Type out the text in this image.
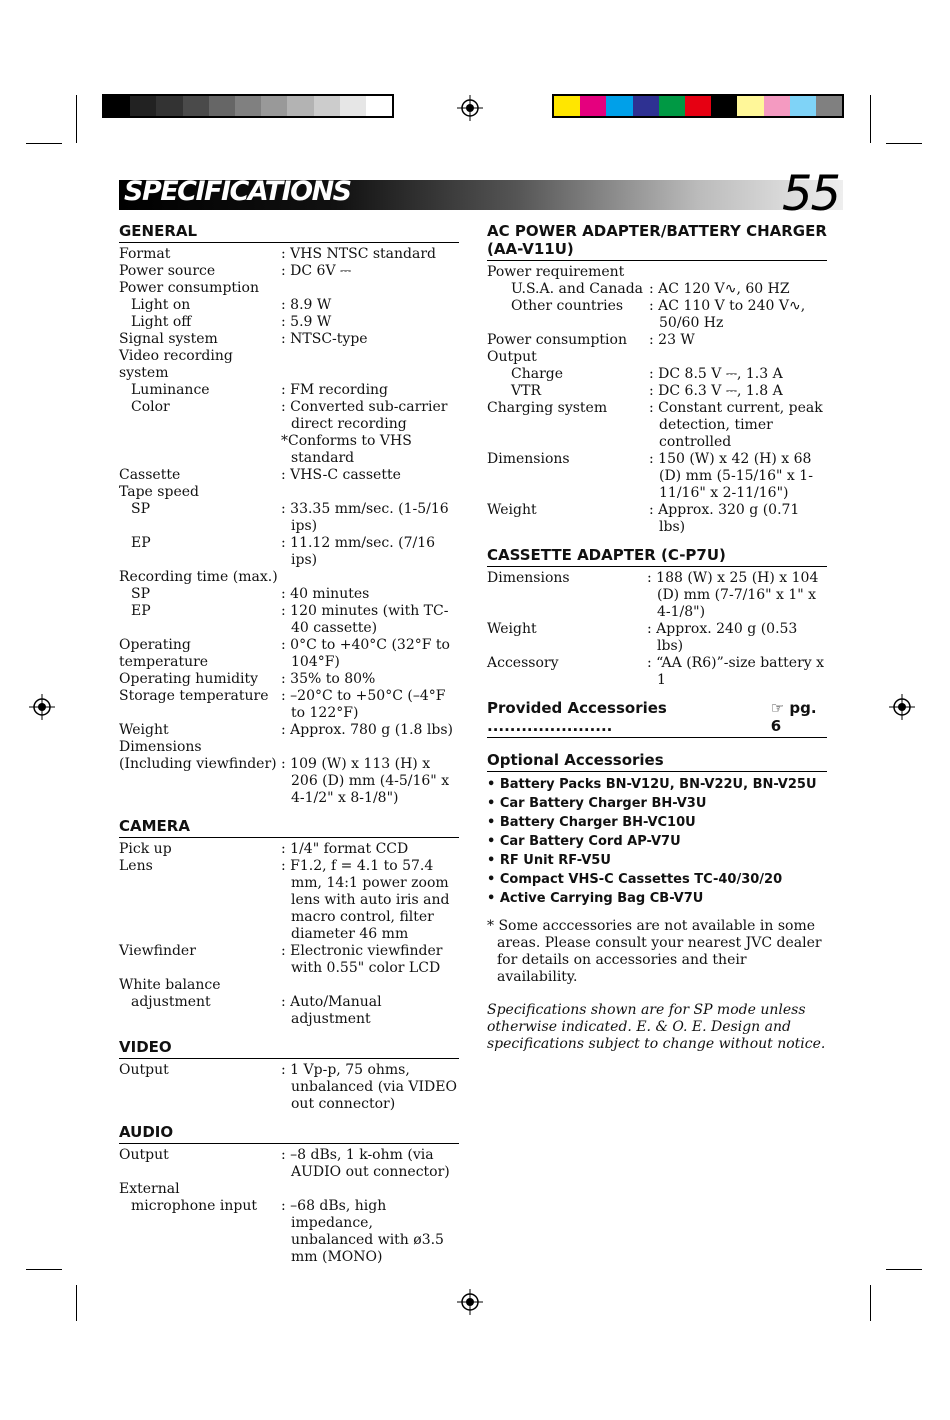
SPECIFICATIONS	55
GENERAL
Format	: VHS NTSC standard
Power source	: DC 6V ⎓
Power consumption
Light on	: 8.9 W
Light off	: 5.9 W
Signal system	: NTSC-type
Video recording system
Luminance	: FM recording
Color	: Converted sub-carrier direct recording
*Conforms to VHS standard
Cassette	: VHS-C cassette
Tape speed
SP	: 33.35 mm/sec. (1-5/16 ips)
EP	: 11.12 mm/sec. (7/16 ips)
Recording time (max.)
SP	: 40 minutes
EP	: 120 minutes (with TC-40 cassette)
Operating temperature
: 0°C to +40°C (32°F to 104°F)
Operating humidity	: 35% to 80%
Storage temperature : –20°C to +50°C (–4°F to 122°F)
Weight	: Approx. 780 g (1.8 lbs)
Dimensions
(Including viewfinder) : 109 (W) x 113 (H) x 206 (D) mm (4-5/16" x 4-1/2" x 8-1/8")
CAMERA
Pick up	: 1/4" format CCD
Lens	: F1.2, f = 4.1 to 57.4 mm, 14:1 power zoom lens with auto iris and macro control, filter diameter 46 mm
Viewfinder	: Electronic viewfinder with 0.55" color LCD
White balance
adjustment	: Auto/Manual adjustment
VIDEO
Output	: 1 Vp-p, 75 ohms, unbalanced (via VIDEO out connector)
AUDIO
Output	: –8 dBs, 1 k-ohm (via AUDIO out connector)
External
microphone input	: –68 dBs, high impedance, unbalanced with ø3.5 mm (MONO)
AC POWER ADAPTER/BATTERY CHARGER (AA-V11U)
Power requirement
U.S.A. and Canada : AC 120 V∿, 60 HZ
Other countries	: AC 110 V to 240 V∿, 50/60 Hz
Power consumption	: 23 W
Output
Charge	: DC 8.5 V ⎓, 1.3 A
VTR	: DC 6.3 V ⎓, 1.8 A
Charging system	: Constant current, peak detection, timer controlled
Dimensions	: 150 (W) x 42 (H) x 68 (D) mm (5-15/16" x 1-11/16" x 2-11/16")
Weight	: Approx. 320 g (0.71 lbs)
CASSETTE ADAPTER (C-P7U)
Dimensions	: 188 (W) x 25 (H) x 104 (D) mm (7-7/16" x 1" x 4-1/8")
Weight	: Approx. 240 g (0.53 lbs)
Accessory	: “AA (R6)”-size battery x 1
Provided Accessories ......................
☞ pg. 6
Optional Accessories
• Battery Packs BN-V12U, BN-V22U, BN-V25U
• Car Battery Charger BH-V3U
• Battery Charger BH-VC10U
• Car Battery Cord AP-V7U
• RF Unit RF-V5U
• Compact VHS-C Cassettes TC-40/30/20
• Active Carrying Bag CB-V7U
* Some acccessories are not available in some areas. Please consult your nearest JVC dealer for details on accessories and their availability.
Specifications shown are for SP mode unless otherwise indicated. E. & O. E. Design and specifications subject to change without notice.
